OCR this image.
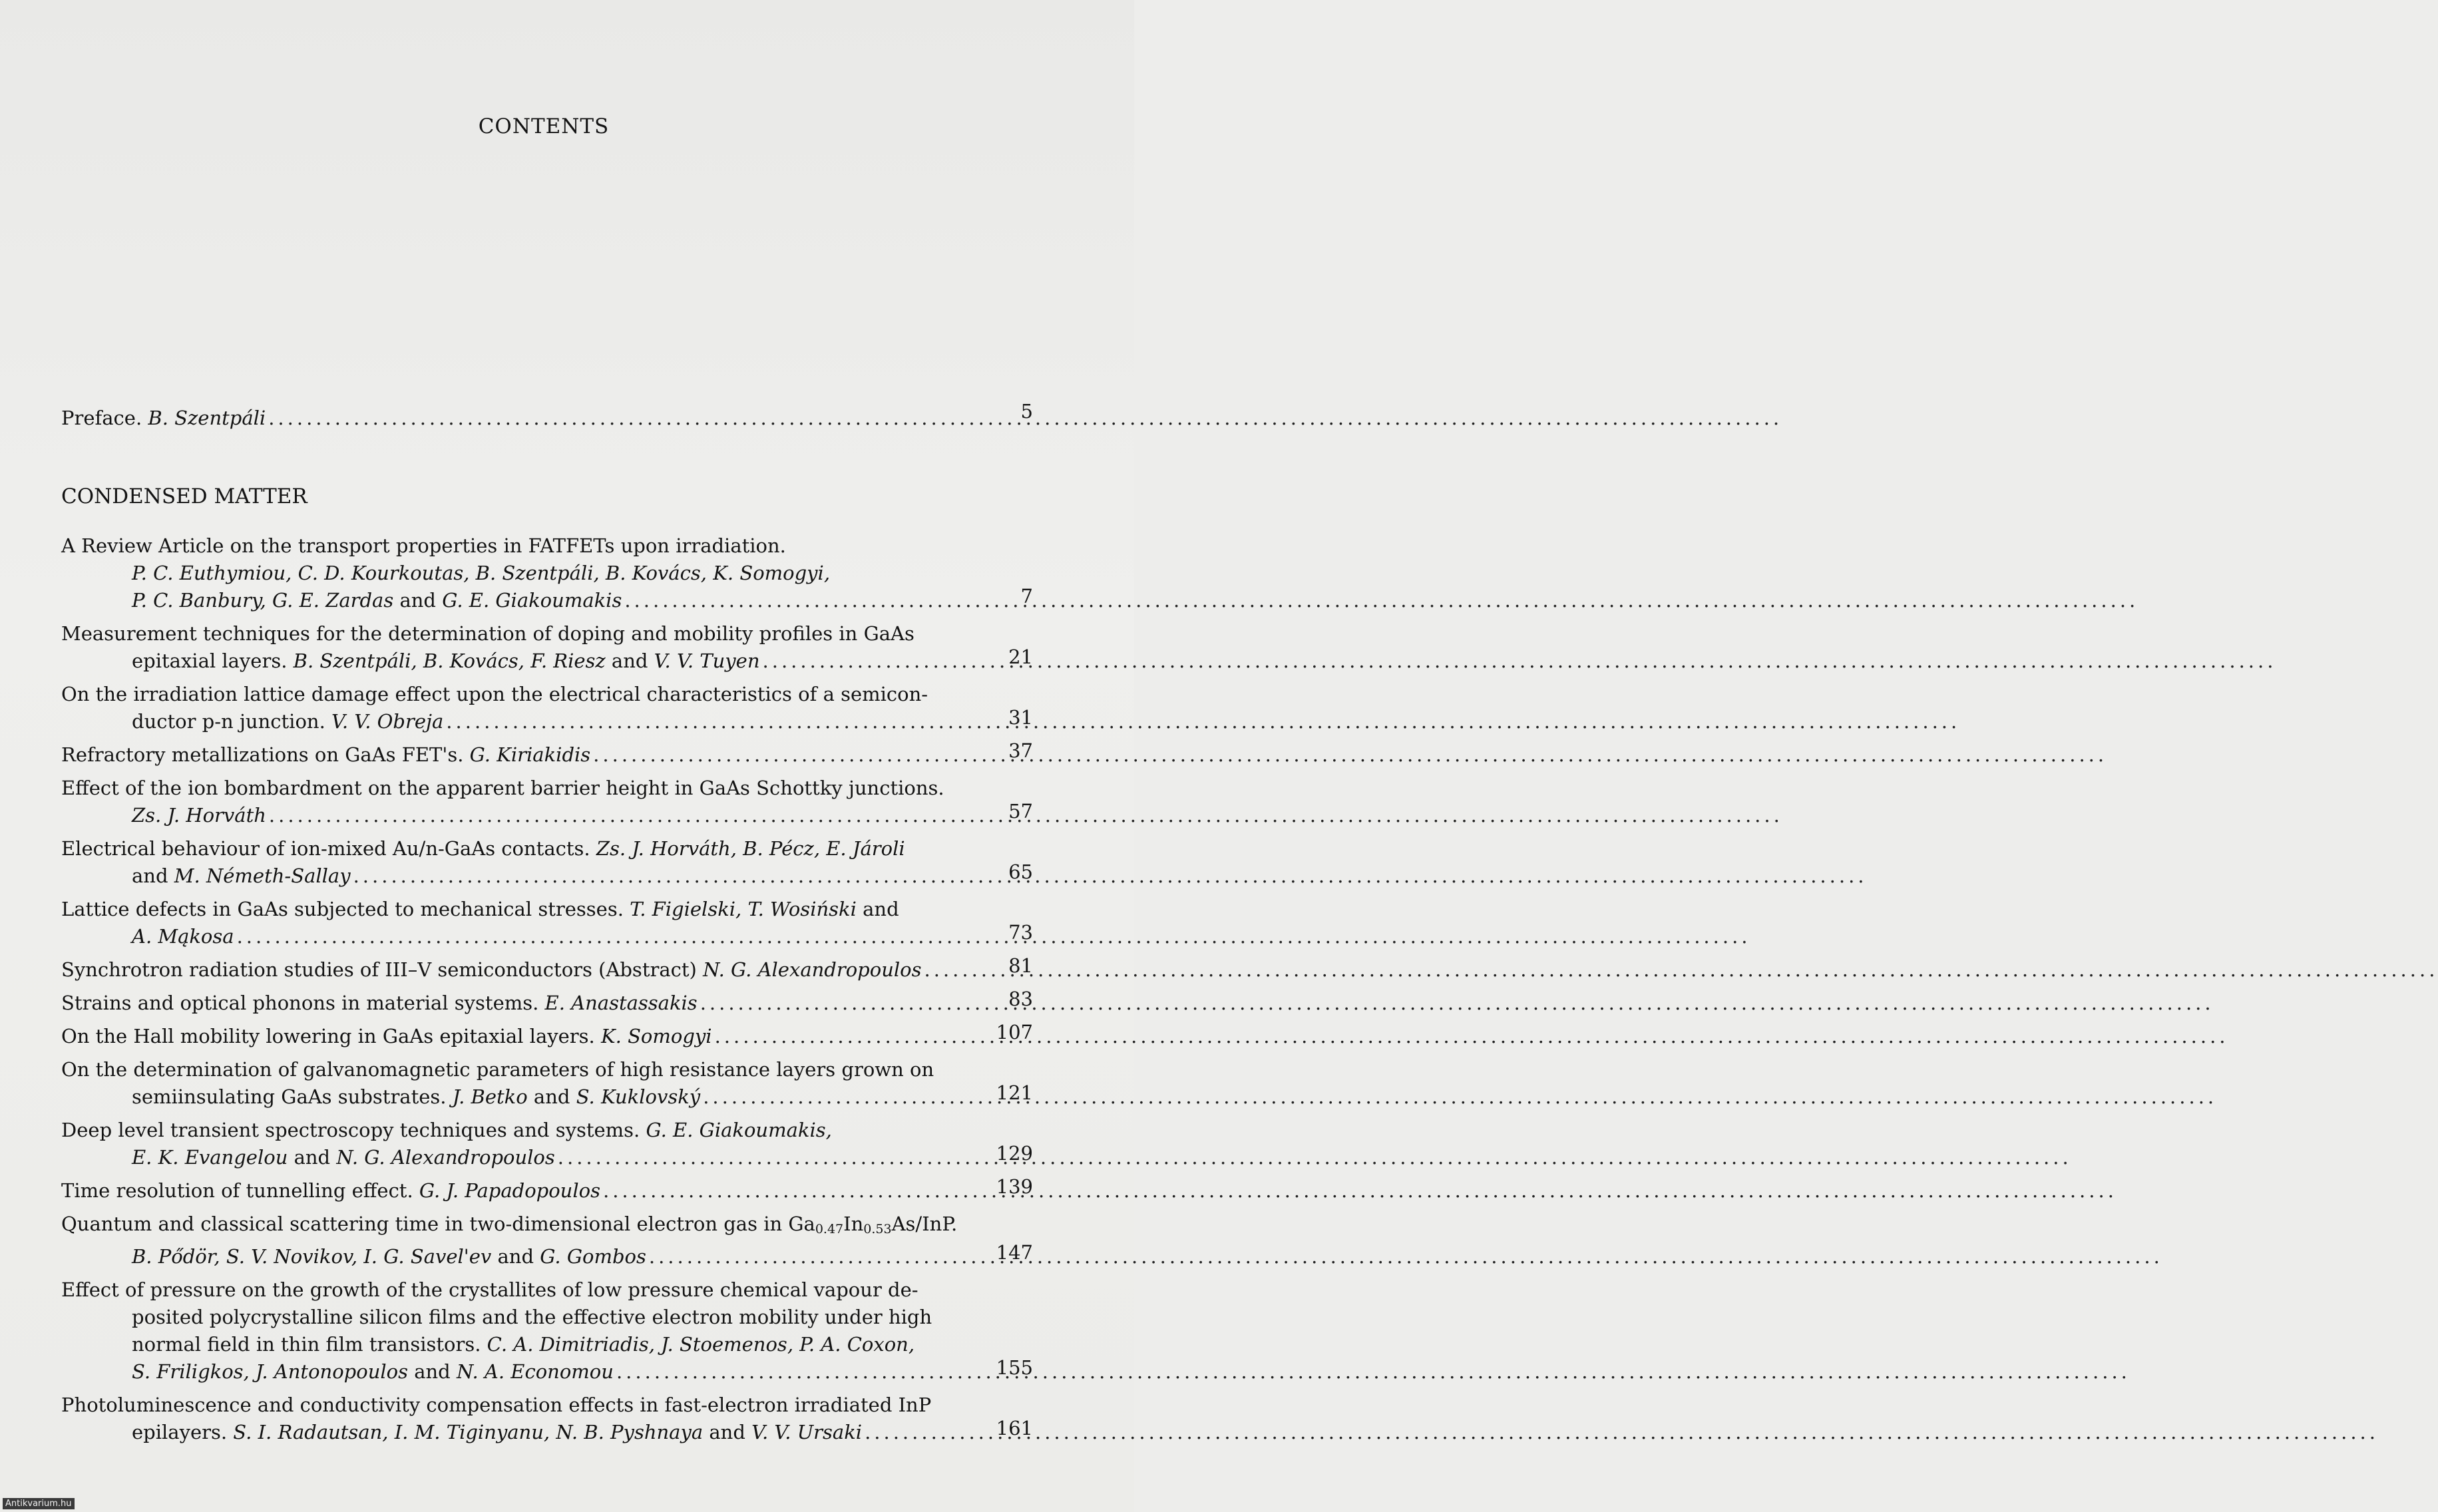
CONTENTS
Preface. B. Szentpáli .....	5
CONDENSED MATTER
A Review Article on the transport properties in FATFETs upon irradiation.
P. C. Euthymiou, C. D. Kourkoutas, B. Szentpáli, B. Kovács, K. Somogyi,
P. C. Banbury, G. E. Zardas and G. E. Giakoumakis .....	7
Measurement techniques for the determination of doping and mobility profiles in GaAs
epitaxial layers. B. Szentpáli, B. Kovács, F. Riesz and V. V. Tuyen .....	21
On the irradiation lattice damage effect upon the electrical characteristics of a semicon-
ductor p-n junction. V. V. Obreja .....	31
Refractory metallizations on GaAs FET's. G. Kiriakidis .....	37
Effect of the ion bombardment on the apparent barrier height in GaAs Schottky junctions.
Zs. J. Horváth .....	57
Electrical behaviour of ion-mixed Au/n-GaAs contacts. Zs. J. Horváth, B. Pécz, E. Jároli
and M. Németh-Sallay .....	65
Lattice defects in GaAs subjected to mechanical stresses. T. Figielski, T. Wosiński and
A. Mąkosa .....	73
Synchrotron radiation studies of III–V semiconductors (Abstract) N. G. Alexandropoulos .....	81
Strains and optical phonons in material systems. E. Anastassakis .....	83
On the Hall mobility lowering in GaAs epitaxial layers. K. Somogyi .....	107
On the determination of galvanomagnetic parameters of high resistance layers grown on
semiinsulating GaAs substrates. J. Betko and S. Kuklovský .....	121
Deep level transient spectroscopy techniques and systems. G. E. Giakoumakis,
E. K. Evangelou and N. G. Alexandropoulos .....	129
Time resolution of tunnelling effect. G. J. Papadopoulos .....	139
Quantum and classical scattering time in two-dimensional electron gas in $Ga_{0.47}In_{0.53}As$/InP.
B. Pődör, S. V. Novikov, I. G. Savel'ev and G. Gombos .....	147
Effect of pressure on the growth of the crystallites of low pressure chemical vapour de-
posited polycrystalline silicon films and the effective electron mobility under high
normal field in thin film transistors. C. A. Dimitriadis, J. Stoemenos, P. A. Coxon,
S. Friligkos, J. Antonopoulos and N. A. Economou .....	155
Photoluminescence and conductivity compensation effects in fast-electron irradiated InP
epilayers. S. I. Radautsan, I. M. Tiginyanu, N. B. Pyshnaya and V. V. Ursaki .....	161
Antikvarium.hu
